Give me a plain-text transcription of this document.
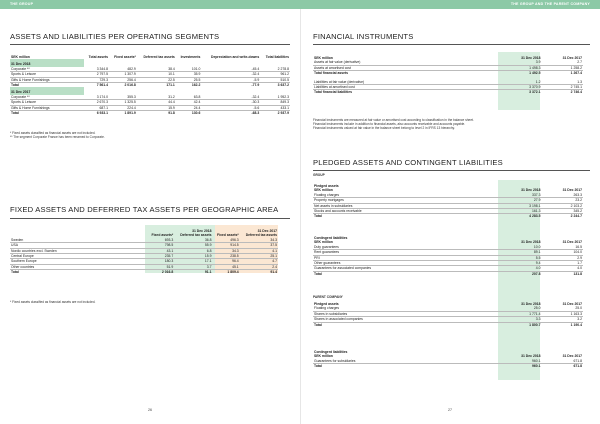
THE GROUP	THE GROUP AND THE PARENT COMPANY
ASSETS AND LIABILITIES PER OPERATING SEGMENTS
SEK million	Total assets	Fixed assets*	Deferred tax assets	Investments	Depreciation and write-downs	Total liabilities
31 Dec 2018						
Corporate **	3 344.8	482.9	38.4	101.0	-45.4	2 278.8
Sports & Leisure	2 797.5	1 307.9	10.1	35.9	-32.4	961.2
Gifts & Home Furnishings	729.3	256.4	22.5	25.5	-5.9	510.5
Total	7 561.4	2 016.8	171.1	162.2	-77.9	3 637.2
31 Dec 2017						
Corporate **	3 174.0	355.3	31.2	63.8	-32.4	1 952.3
Sports & Leisure	2 670.3	1 325.5	44.4	42.4	-30.3	849.3
Gifts & Home Furnishings	687.1	224.4	15.9	24.4	-5.6	433.1
Total	6 933.1	1 891.9	91.8	130.6	-68.3	2 937.9
* Fixed assets classified as financial assets are not included.
** The segment Corporate France has been renamed to Corporate.
FIXED ASSETS AND DEFERRED TAX ASSETS PER GEOGRAPHIC AREA
	31 Dec 2018		31 Dec 2017	
	Fixed assets*	Deferred tax assets	Fixed assets*	Deferred tax assets
Sweden	693.3	36.8	496.3	34.3
USA	798.5	55.9	914.5	37.5
Nordic countries excl. Sweden	43.1	6.8	34.3	4.1
Central Europe	235.7	15.9	238.5	25.1
Southern Europe	180.3	17.1	96.4	4.7
Other countries	51.9	3.7	45.1	2.4
Total	2 016.8	91.1	1 809.4	91.4
* Fixed assets classified as financial assets are not included.
26
FINANCIAL INSTRUMENTS
SEK million	31 Dec 2018	31 Dec 2017
Assets at fair value (derivative)	3.9	2.7
Assets at amortised cost	1 498.3	1 258.2
Total financial assets	1 492.5	1 267.4

Liabilities at fair value (derivative)	1.2	1.3
Liabilities at amortised cost	3 370.9	2 745.1
Total financial liabilities	3 372.1	2 746.4
Financial instruments are measured at fair value or amortised cost according to classification in the balance sheet.
Financial instruments include in addition to financial assets, also accounts receivable and accounts payable.
Financial instruments valued at fair value in the balance sheet belong to level 2 in IFRS 13 hierarchy.
PLEDGED ASSETS AND CONTINGENT LIABILITIES
GROUP
Pledged assets
SEK million	31 Dec 2018	31 Dec 2017
Floating charges	337.3	263.3
Property mortgages	27.9	23.2
Net assets in subsidiaries	3 198.1	2 103.2
Stocks and accounts receivable	161.3	345.2
Total	4 283.5	2 244.7
Contingent liabilities
SEK million	31 Dec 2018	31 Dec 2017
Duty guarantees	10.0	16.5
Rent guarantees	89.1	104.0
PRI	5.5	2.9
Other guarantees	9.4	1.7
Guarantees for associated companies	4.0	4.0
Total	207.8	131.8
PARENT COMPANY
Pledged assets	31 Dec 2018	31 Dec 2017
Floating charges	25.0	25.0
Shares in subsidiaries	1 771.4	1 163.3
Shares in associated companies	3.3	3.2
Total	1 800.7	1 190.4
Contingent liabilities
SEK million	31 Dec 2018	31 Dec 2017
Guarantees for subsidiaries	960.1	671.8
Total	960.1	671.8
27
